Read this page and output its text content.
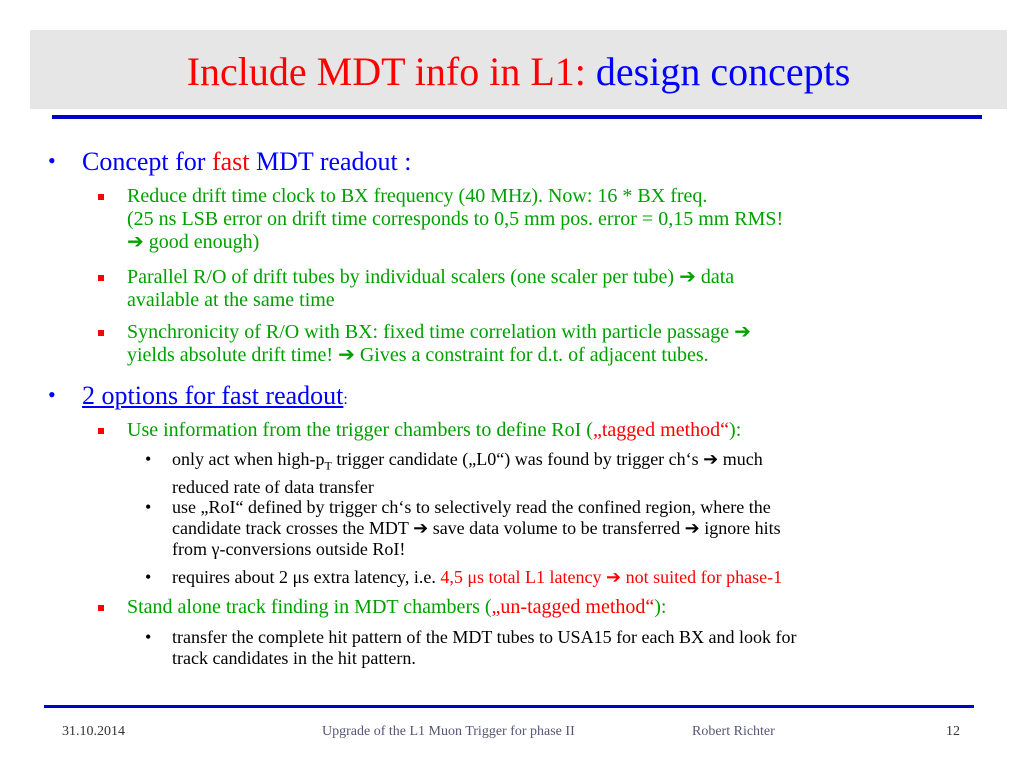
Include MDT info in L1: design concepts
• Concept for fast MDT readout :
Reduce drift time clock to BX frequency (40 MHz). Now: 16 * BX freq.
(25 ns LSB error on drift time corresponds to 0,5 mm pos. error = 0,15 mm RMS!
➔ good enough)
Parallel R/O of drift tubes by individual scalers (one scaler per tube) ➔ data
available at the same time
Synchronicity of R/O with BX: fixed time correlation with particle passage ➔
yields absolute drift time! ➔ Gives a constraint for d.t. of adjacent tubes.
• 2 options for fast readout:
Use information from the trigger chambers to define RoI („tagged method“):
• only act when high-$p_T$ trigger candidate („L0“) was found by trigger ch‘s ➔ much
reduced rate of data transfer
• use „RoI“ defined by trigger ch‘s to selectively read the confined region, where the
candidate track crosses the MDT ➔ save data volume to be transferred ➔ ignore hits
from γ-conversions outside RoI!
• requires about 2 μs extra latency, i.e. 4,5 μs total L1 latency ➔ not suited for phase-1
Stand alone track finding in MDT chambers („un-tagged method“):
• transfer the complete hit pattern of the MDT tubes to USA15 for each BX and look for
track candidates in the hit pattern.
31.10.2014	Upgrade of the L1 Muon Trigger for phase II	Robert Richter	12
